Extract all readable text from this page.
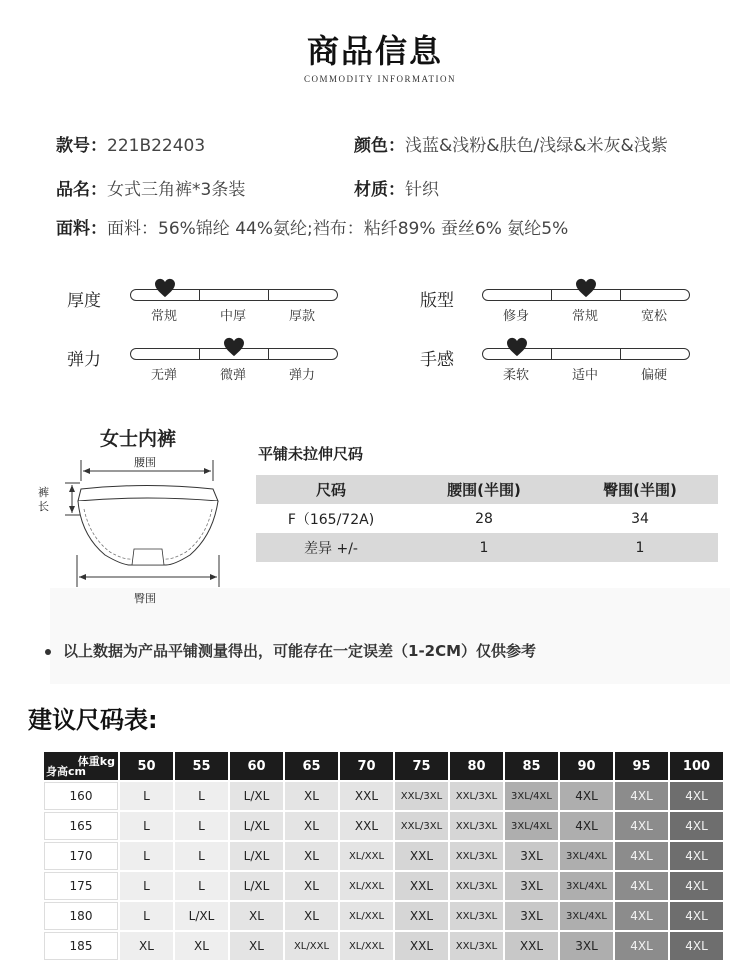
商品信息
COMMODITY INFORMATION
款号：221B22403	颜色：浅蓝&浅粉&肤色/浅绿&米灰&浅紫
品名：女式三角裤*3条装	材质：针织
面料：面料：56%锦纶 44%氨纶;裆布：粘纤89% 蚕丝6% 氨纶5%
厚度
常规	中厚	厚款
版型
修身	常规	宽松
弹力
无弹	微弹	弹力
手感
柔软	适中	偏硬
女士内裤
腰围
臀围
裤
长
平铺未拉伸尺码
尺码	腰围(半围)	臀围(半围)
F（165/72A)	28	34
差异 +/-	1	1
以上数据为产品平铺测量得出，可能存在一定误差（1-2CM）仅供参考
建议尺码表:
体重kg
身高cm	50	55	60	65	70	75	80	85	90	95	100
160	L	L	L/XL	XL	XXL	XXL/3XL	XXL/3XL	3XL/4XL	4XL	4XL	4XL
165	L	L	L/XL	XL	XXL	XXL/3XL	XXL/3XL	3XL/4XL	4XL	4XL	4XL
170	L	L	L/XL	XL	XL/XXL	XXL	XXL/3XL	3XL	3XL/4XL	4XL	4XL
175	L	L	L/XL	XL	XL/XXL	XXL	XXL/3XL	3XL	3XL/4XL	4XL	4XL
180	L	L/XL	XL	XL	XL/XXL	XXL	XXL/3XL	3XL	3XL/4XL	4XL	4XL
185	XL	XL	XL	XL/XXL	XL/XXL	XXL	XXL/3XL	XXL	3XL	4XL	4XL
